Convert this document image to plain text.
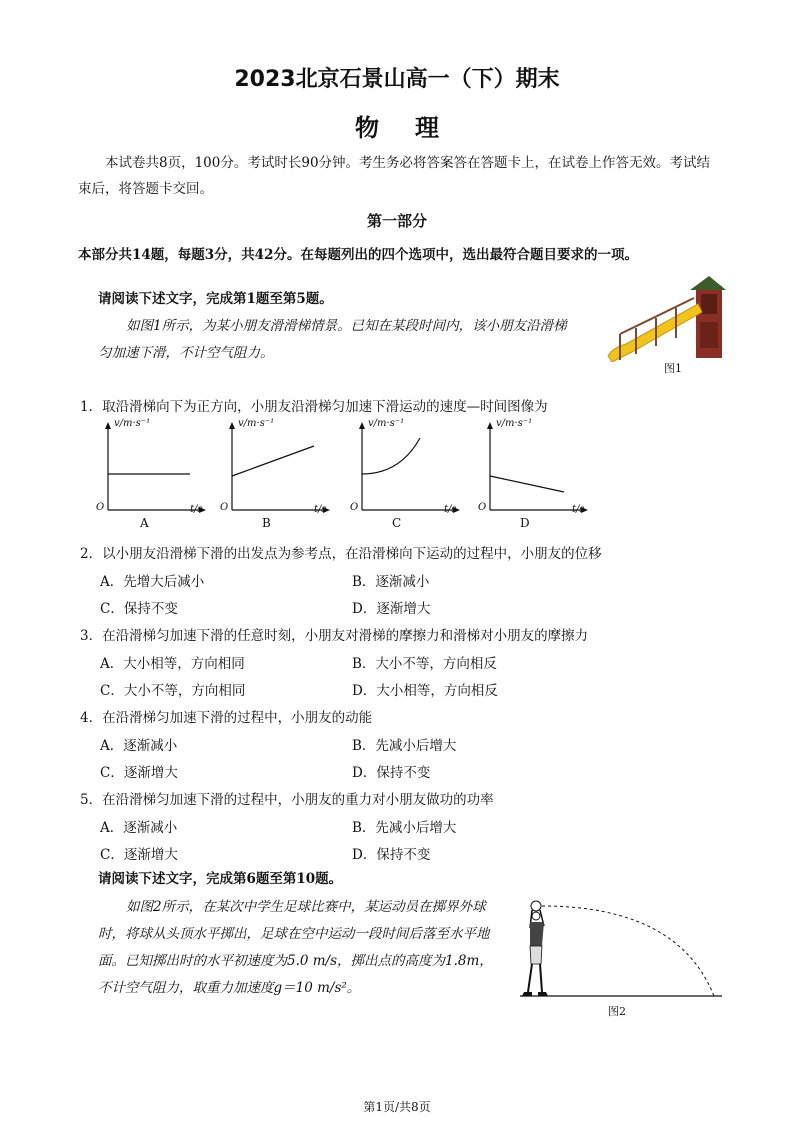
2023北京石景山高一（下）期末
物理
本试卷共8页，100分。考试时长90分钟。考生务必将答案答在答题卡上，在试卷上作答无效。考试结束后，将答题卡交回。
第一部分
本部分共14题，每题3分，共42分。在每题列出的四个选项中，选出最符合题目要求的一项。
请阅读下述文字，完成第1题至第5题。
如图1所示，为某小朋友滑滑梯情景。已知在某段时间内，该小朋友沿滑梯
匀加速下滑，不计空气阻力。
图1
1．取沿滑梯向下为正方向，小朋友沿滑梯匀加速下滑运动的速度—时间图像为
v/m·s⁻¹
O	t/s
A
v/m·s⁻¹
O	t/s
B
v/m·s⁻¹
O	t/s
C
v/m·s⁻¹
O	t/s
D
2．以小朋友沿滑梯下滑的出发点为参考点，在沿滑梯向下运动的过程中，小朋友的位移
A．先增大后减小	B．逐渐减小
C．保持不变	D．逐渐增大
3．在沿滑梯匀加速下滑的任意时刻，小朋友对滑梯的摩擦力和滑梯对小朋友的摩擦力
A．大小相等，方向相同	B．大小不等，方向相反
C．大小不等，方向相同	D．大小相等，方向相反
4．在沿滑梯匀加速下滑的过程中，小朋友的动能
A．逐渐减小	B．先减小后增大
C．逐渐增大	D．保持不变
5．在沿滑梯匀加速下滑的过程中，小朋友的重力对小朋友做功的功率
A．逐渐减小	B．先减小后增大
C．逐渐增大	D．保持不变
请阅读下述文字，完成第6题至第10题。
如图2所示，在某次中学生足球比赛中，某运动员在掷界外球
时，将球从头顶水平掷出，足球在空中运动一段时间后落至水平地
面。已知掷出时的水平初速度为5.0 m/s，掷出点的高度为1.8m，
不计空气阻力，取重力加速度g＝10 m/s²。
图2
第1页/共8页
